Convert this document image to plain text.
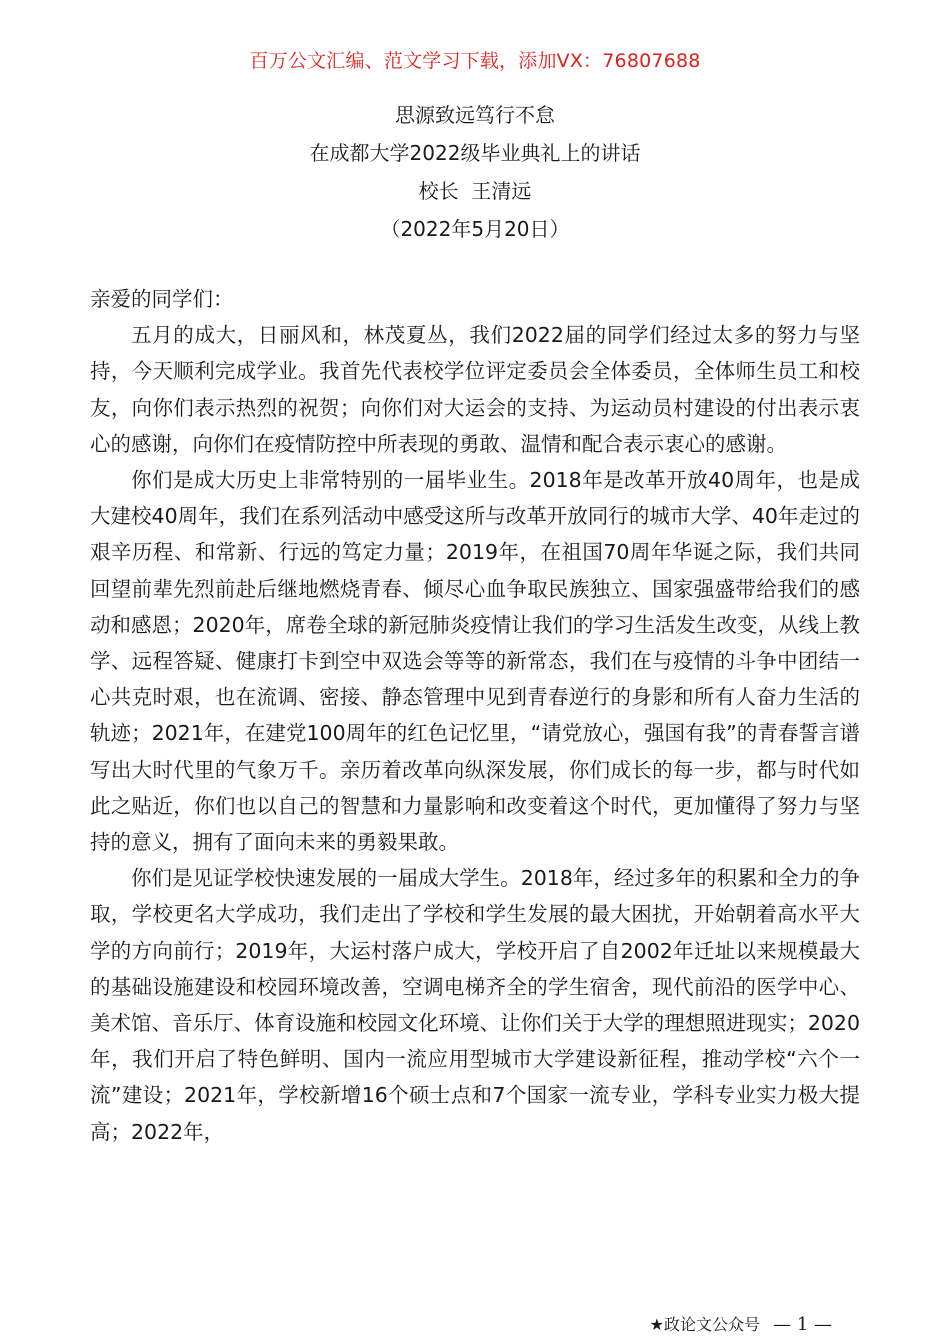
百万公文汇编、范文学习下载，添加VX：76807688
思源致远笃行不怠
在成都大学2022级毕业典礼上的讲话
校长  王清远
（2022年5月20日）

亲爱的同学们：

五月的成大，日丽风和，林茂夏丛，我们2022届的同学们经过太多的努力与坚持，今天顺利完成学业。我首先代表校学位评定委员会全体委员，全体师生员工和校友，向你们表示热烈的祝贺；向你们对大运会的支持、为运动员村建设的付出表示衷心的感谢，向你们在疫情防控中所表现的勇敢、温情和配合表示衷心的感谢。

你们是成大历史上非常特别的一届毕业生。2018年是改革开放40周年，也是成大建校40周年，我们在系列活动中感受这所与改革开放同行的城市大学、40年走过的艰辛历程、和常新、行远的笃定力量；2019年，在祖国70周年华诞之际，我们共同回望前辈先烈前赴后继地燃烧青春、倾尽心血争取民族独立、国家强盛带给我们的感动和感恩；2020年，席卷全球的新冠肺炎疫情让我们的学习生活发生改变，从线上教学、远程答疑、健康打卡到空中双选会等等的新常态，我们在与疫情的斗争中团结一心共克时艰，也在流调、密接、静态管理中见到青春逆行的身影和所有人奋力生活的轨迹；2021年，在建党100周年的红色记忆里，“请党放心，强国有我”的青春誓言谱写出大时代里的气象万千。亲历着改革向纵深发展，你们成长的每一步，都与时代如此之贴近，你们也以自己的智慧和力量影响和改变着这个时代，更加懂得了努力与坚持的意义，拥有了面向未来的勇毅果敢。

你们是见证学校快速发展的一届成大学生。2018年，经过多年的积累和全力的争取，学校更名大学成功，我们走出了学校和学生发展的最大困扰，开始朝着高水平大学的方向前行；2019年，大运村落户成大，学校开启了自2002年迁址以来规模最大的基础设施建设和校园环境改善，空调电梯齐全的学生宿舍，现代前沿的医学中心、美术馆、音乐厅、体育设施和校园文化环境、让你们关于大学的理想照进现实；2020年，我们开启了特色鲜明、国内一流应用型城市大学建设新征程，推动学校“六个一流”建设；2021年，学校新增16个硕士点和7个国家一流专业，学科专业实力极大提高；2022年，

★政论文公众号 — 1 —
